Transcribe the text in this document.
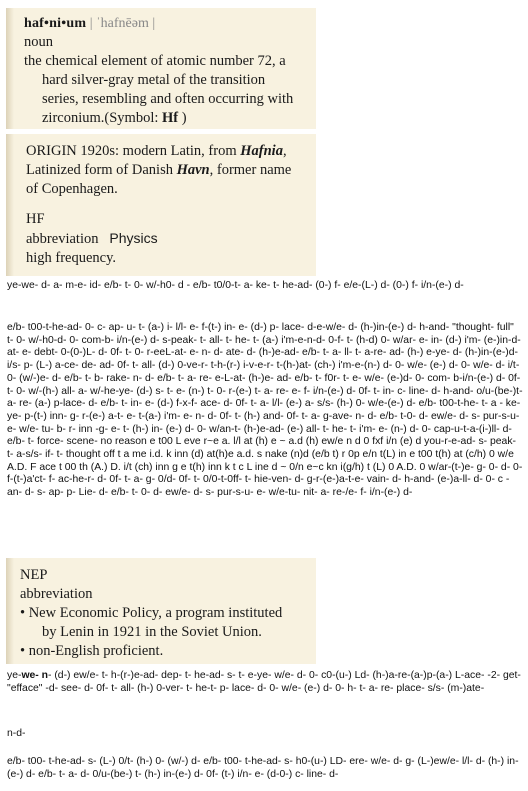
haf•ni•um | ˈhafnēəm |
noun
the chemical element of atomic number 72, a
hard silver-gray metal of the transition
series, resembling and often occurring with
zirconium.(Symbol: Hf )
ORIGIN 1920s: modern Latin, from Hafnia,
Latinized form of Danish Havn, former name
of Copenhagen.
HF
abbreviation Physics
high frequency.
ye-we- d- a- m-e- id- e/b- t- 0- w/-h0- d - e/b- t0/0-t- a- ke- t- he-ad- (0-) f- e/e-(L-) d- (0-) f- i/n-(e-) d-
e/b- t00-t-he-ad- 0- c- ap- u- t- (a-) i- l/l- e- f-(t-) in- e- (d-) p- lace- d-e-w/e- d- (h-)in-(e-) d- h-and- "thought- full" t- 0- w/-h0-d- 0- com-b- i/n-(e-) d- s-peak- t- all- t- he- t- (a-) i'm-e-n-d- 0-f- t- (h-d) 0- w/ar- e- in- (d-) i'm- (e-)in-d- at- e- debt- 0-(0-)L- d- 0f- t- 0- r-eeL-at- e- n- d- ate- d- (h-)e-ad- e/b- t- a- ll- t- a-re- ad- (h-) e-ye- d- (h-)in-(e-)d- i/s- p- (L-) a-ce- de- ad- 0f- t- all- (d-) 0-ve-r- t-h-(r-) i-v-e-r- t-(h-)at- (ch-) i'm-e-(n-) d- 0- w/e- (e-) d- 0- w/e- d- i/t- 0- (w/-)e- d- e/b- t- b- rake- n- d- e/b- t- a- re- e-L-at- (h-)e- ad- e/b- t- f0r- t- e- w/e- (e-)d- 0- com- b-i/n-(e-) d- 0f- t- 0- w/-(h-) all- a- w/-he-ye- (d-) s- t- e- (n-) t- 0- r-(e-) t- a- re- e- f- i/n-(e-) d- 0f- t- in- c- line- d- h-and- o/u-(be-)t- a- re- (a-) p-lace- d- e/b- t- in- e- (d-) f-x-f- ace- d- 0f- t- a- l/l- (e-) a- s/s- (h-) 0- w/e-(e-) d- e/b- t00-t-he- t- a - ke-ye- p-(t-) inn- g- r-(e-) a-t- e- t-(a-) i'm- e- n- d- 0f- t- (h-) and- 0f- t- a- g-ave- n- d- e/b- t-0- d- ew/e- d- s- pur-s-u-e- w/e- tu- b- r- inn -g- e- t- (h-) in- (e-) d- 0- w/an-t- (h-)e-ad- (e-) all- t- he- t- i'm- e- (n-) d- 0- cap-u-t-a-(i-)ll- d- e/b- t- force- scene- no reason e t00 L eve r~e a. l/l at (h) e ~ a.d (h) ew/e n d 0 fxf i/n (e) d you-r-e-ad- s- peak- t- a-s/s- if- t- thought off t a me i.d. k inn (d) at(h)e a.d. s nake (n)d (e/b t) r 0p e/n t(L) in e t00 t(h) at (c/h) 0 w/e A.D. F ace t 00 th (A.) D. i/t (ch) inn g e t(h) inn k t c L ine d ~ 0/n e~c kn i(g/h) t (L) 0 A.D. 0 w/ar-(t-)e- g- 0- d- 0- f-(t-)a'ct- f- ac-he-r- d- 0f- t- a- g- 0/d- 0f- t- 0/0-t-0ff- t- hie-ven- d- g-r-(e-)a-t-e- vain- d- h-and- (e-)a-ll- d- 0- c -an- d- s- ap- p- Lie- d- e/b- t- 0- d- ew/e- d- s- pur-s-u- e- w/e-tu- nit- a- re-/e- f- i/n-(e-) d-
NEP
abbreviation
• New Economic Policy, a program instituted
by Lenin in 1921 in the Soviet Union.
• non-English proficient.
ye-we- n- (d-) ew/e- t- h-(r-)e-ad- dep- t- he-ad- s- t- e-ye- w/e- d- 0- c0-(u-) Ld- (h-)a-re-(a-)p-(a-) L-ace- -2- get- "efface" -d- see- d- 0f- t- all- (h-) 0-ver- t- he-t- p- lace- d- 0- w/e- (e-) d- 0- h- t- a- re- place- s/s- (m-)ate-
n-d-
e/b- t00- t-he-ad- s- (L-) 0/t- (h-) 0- (w/-) d- e/b- t00- t-he-ad- s- h0-(u-) LD- ere- w/e- d- g- (L-)ew/e- l/l- d- (h-) in- (e-) d- e/b- t- a- d- 0/u-(be-) t- (h-) in-(e-) d- 0f- (t-) i/n- e- (d-0-) c- line- d-
